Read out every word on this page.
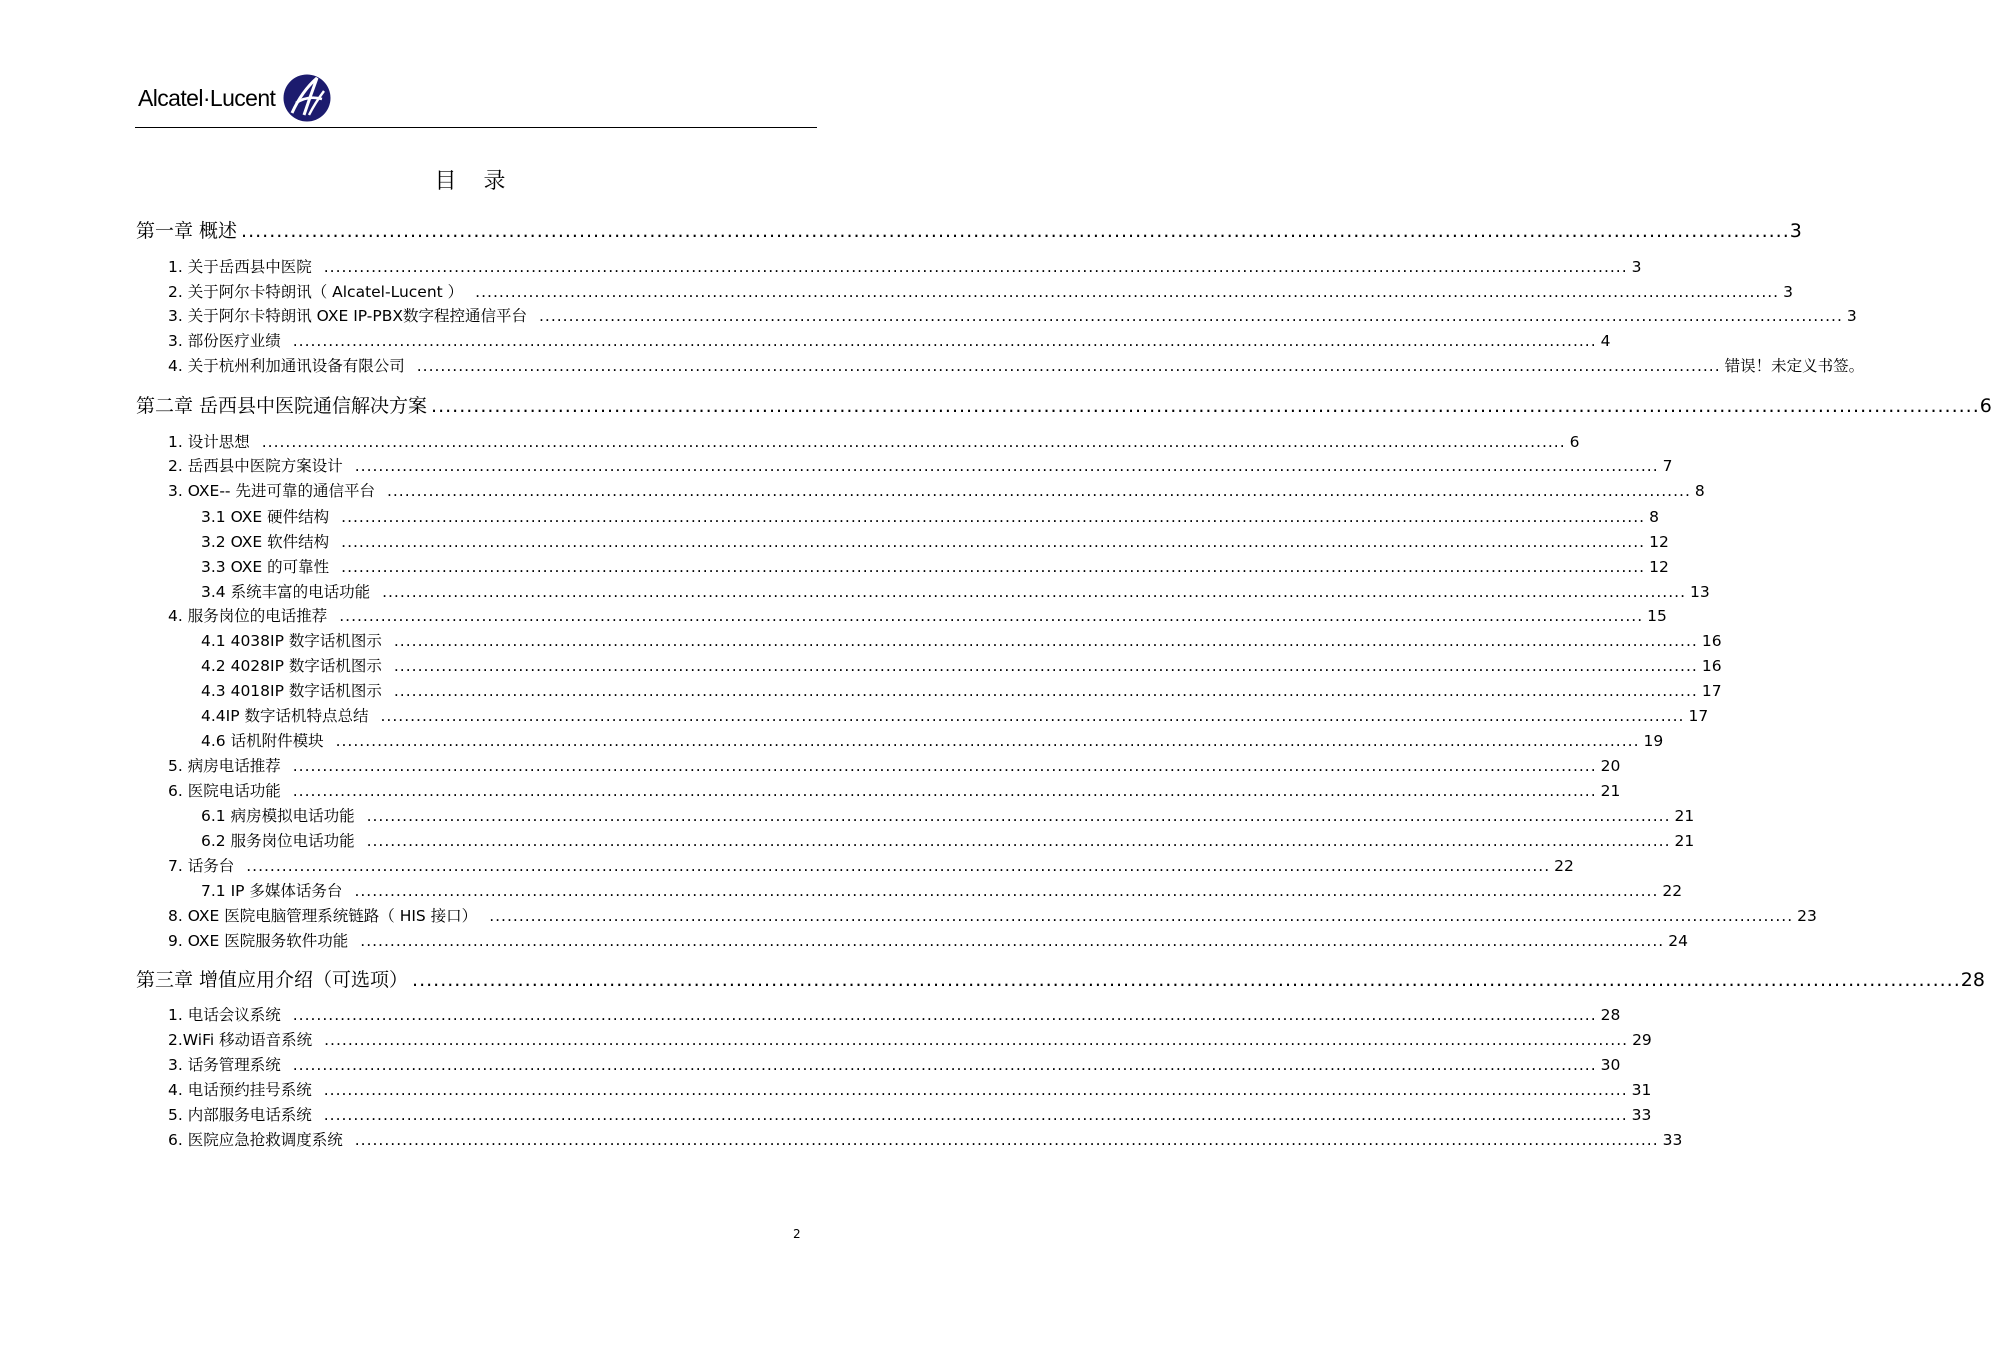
Alcatel·Lucent
目 录
第一章 概述 ............................................................................................................................................................................................................................ 3
1. 关于岳西县中医院 ............................................................................................................................................................................................................................ 3
2. 关于阿尔卡特朗讯（ Alcatel-Lucent ） ............................................................................................................................................................................................................................ 3
3. 关于阿尔卡特朗讯 OXE IP-PBX数字程控通信平台 ............................................................................................................................................................................................................................ 3
3. 部份医疗业绩 ............................................................................................................................................................................................................................ 4
4. 关于杭州利加通讯设备有限公司 ............................................................................................................................................................................................................................ 错误！未定义书签。
第二章 岳西县中医院通信解决方案 ............................................................................................................................................................................................................................ 6
1. 设计思想 ............................................................................................................................................................................................................................ 6
2. 岳西县中医院方案设计 ............................................................................................................................................................................................................................ 7
3. OXE-- 先进可靠的通信平台 ............................................................................................................................................................................................................................ 8
3.1 OXE 硬件结构 ............................................................................................................................................................................................................................ 8
3.2 OXE 软件结构 ............................................................................................................................................................................................................................ 12
3.3 OXE 的可靠性 ............................................................................................................................................................................................................................ 12
3.4 系统丰富的电话功能 ............................................................................................................................................................................................................................ 13
4. 服务岗位的电话推荐 ............................................................................................................................................................................................................................ 15
4.1 4038IP 数字话机图示 ............................................................................................................................................................................................................................ 16
4.2 4028IP 数字话机图示 ............................................................................................................................................................................................................................ 16
4.3 4018IP 数字话机图示 ............................................................................................................................................................................................................................ 17
4.4IP 数字话机特点总结 ............................................................................................................................................................................................................................ 17
4.6 话机附件模块 ............................................................................................................................................................................................................................ 19
5. 病房电话推荐 ............................................................................................................................................................................................................................ 20
6. 医院电话功能 ............................................................................................................................................................................................................................ 21
6.1 病房模拟电话功能 ............................................................................................................................................................................................................................ 21
6.2 服务岗位电话功能 ............................................................................................................................................................................................................................ 21
7. 话务台 ............................................................................................................................................................................................................................ 22
7.1 IP 多媒体话务台 ............................................................................................................................................................................................................................ 22
8. OXE 医院电脑管理系统链路（ HIS 接口） ............................................................................................................................................................................................................................ 23
9. OXE 医院服务软件功能 ............................................................................................................................................................................................................................ 24
第三章 增值应用介绍（可选项） ............................................................................................................................................................................................................................ 28
1. 电话会议系统 ............................................................................................................................................................................................................................ 28
2.WiFi 移动语音系统 ............................................................................................................................................................................................................................ 29
3. 话务管理系统 ............................................................................................................................................................................................................................ 30
4. 电话预约挂号系统 ............................................................................................................................................................................................................................ 31
5. 内部服务电话系统 ............................................................................................................................................................................................................................ 33
6. 医院应急抢救调度系统 ............................................................................................................................................................................................................................ 33
2
